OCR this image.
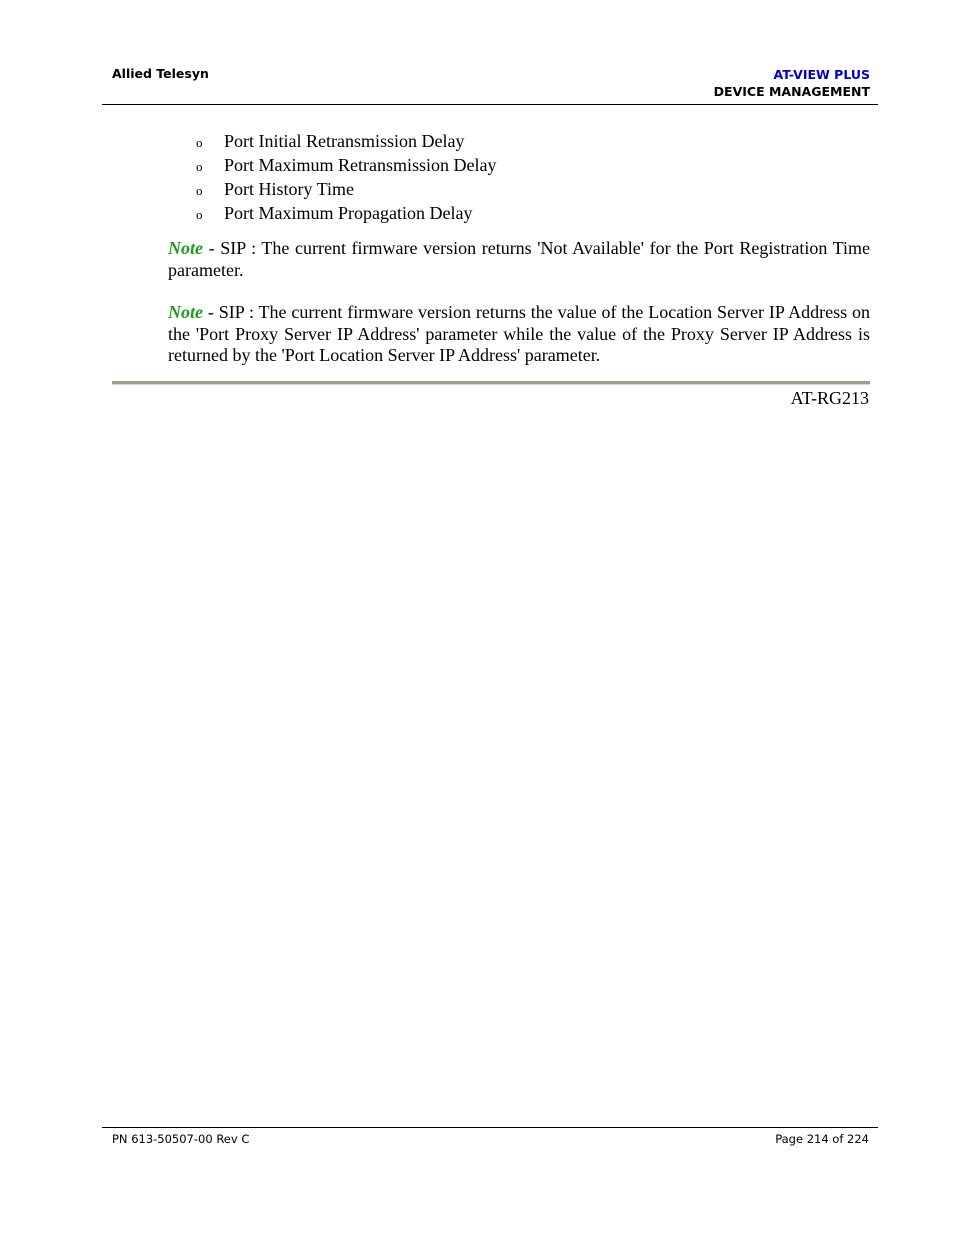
Allied Telesyn	AT-VIEW PLUS
DEVICE MANAGEMENT
o	Port Initial Retransmission Delay
o	Port Maximum Retransmission Delay
o	Port History Time
o	Port Maximum Propagation Delay

Note - SIP : The current firmware version returns 'Not Available' for the Port Registration Time parameter.

Note - SIP : The current firmware version returns the value of the Location Server IP Address on the 'Port Proxy Server IP Address' parameter while the value of the Proxy Server IP Address is returned by the 'Port Location Server IP Address' parameter.

AT-RG213
PN 613-50507-00 Rev C	Page 214 of 224
